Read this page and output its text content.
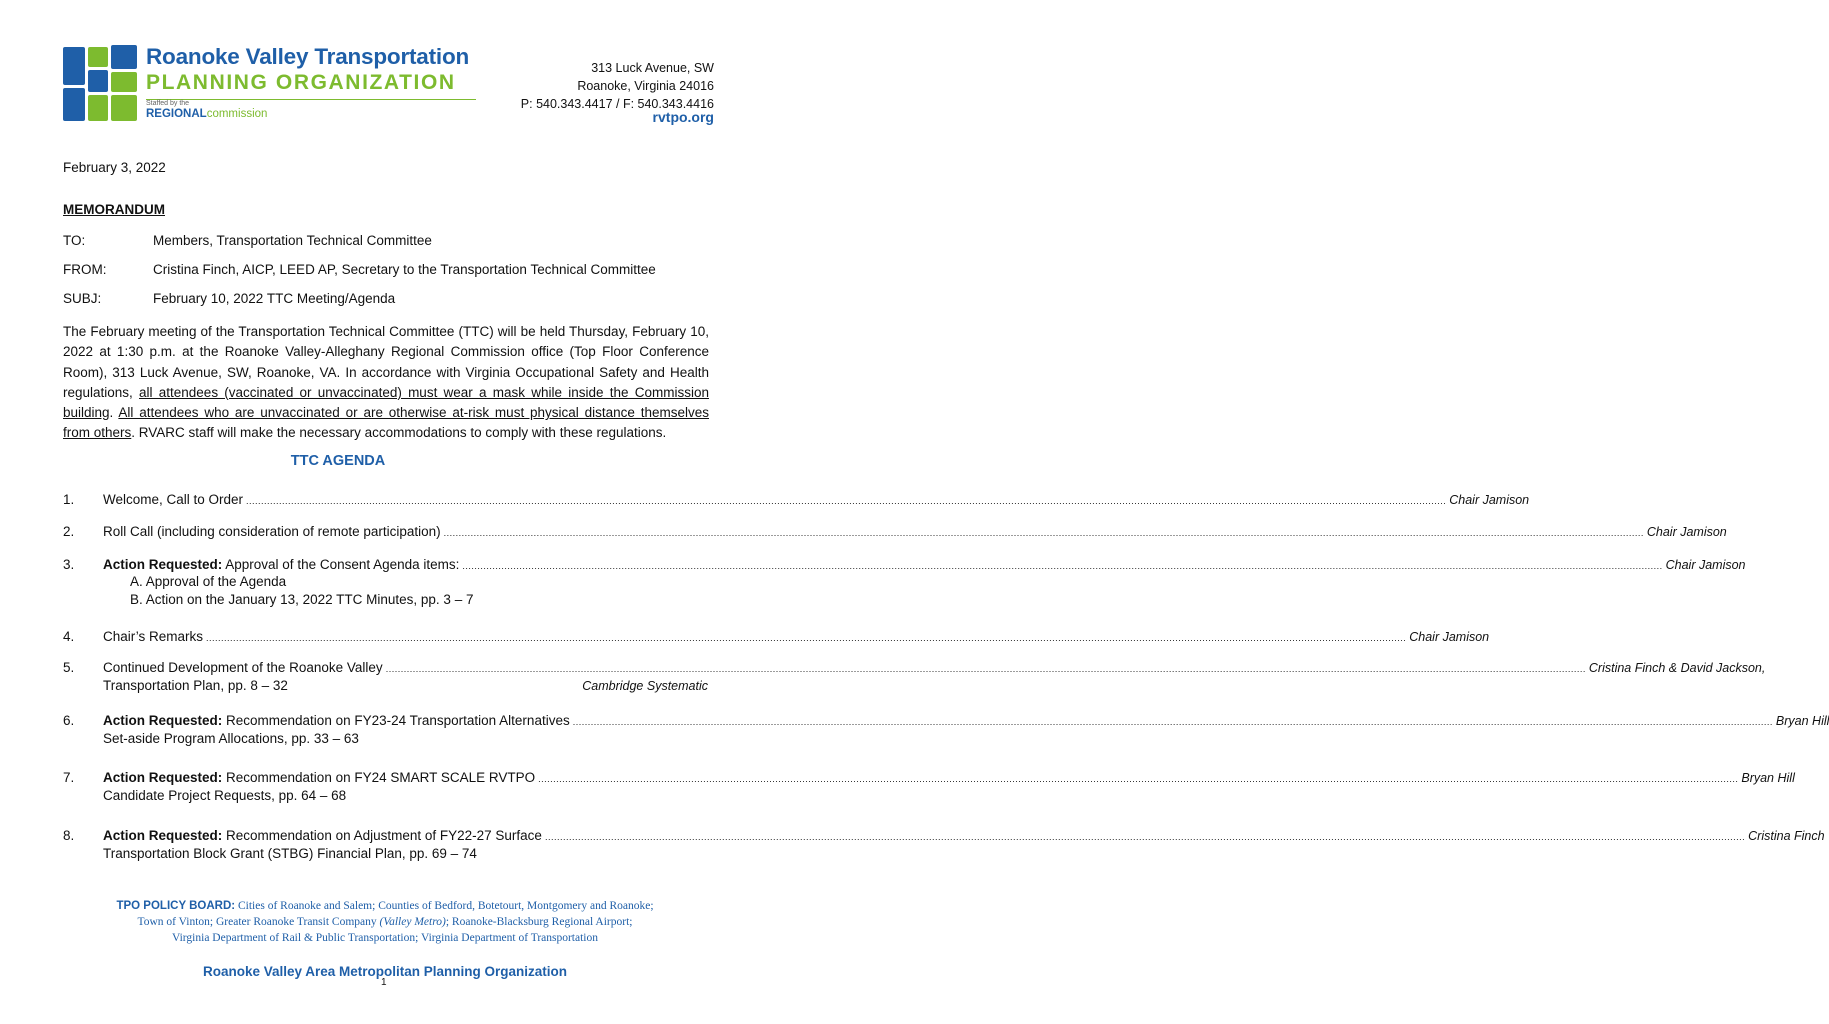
Roanoke Valley Transportation
PLANNING ORGANIZATION
Staffed by the
REGIONALcommission
313 Luck Avenue, SW
Roanoke, Virginia 24016
P: 540.343.4417 / F: 540.343.4416
rvtpo.org
February 3, 2022
MEMORANDUM
TO:	Members, Transportation Technical Committee
FROM:	Cristina Finch, AICP, LEED AP, Secretary to the Transportation Technical Committee
SUBJ:	February 10, 2022 TTC Meeting/Agenda
The February meeting of the Transportation Technical Committee (TTC) will be held Thursday, February 10, 2022 at 1:30 p.m. at the Roanoke Valley-Alleghany Regional Commission office (Top Floor Conference Room), 313 Luck Avenue, SW, Roanoke, VA. In accordance with Virginia Occupational Safety and Health regulations, all attendees (vaccinated or unvaccinated) must wear a mask while inside the Commission building. All attendees who are unvaccinated or are otherwise at-risk must physical distance themselves from others. RVARC staff will make the necessary accommodations to comply with these regulations.
TTC AGENDA
1. Welcome, Call to Order ................................................................................................................................................................................................................................................................................................................................................................................................................ Chair Jamison
2. Roll Call (including consideration of remote participation) ................................................................................................................................................................................................................................................................................................................................................................................................................ Chair Jamison
3. Action Requested: Approval of the Consent Agenda items: ................................................................................................................................................................................................................................................................................................................................................................................................................ Chair Jamison
A. Approval of the Agenda
B. Action on the January 13, 2022 TTC Minutes, pp. 3 – 7
4. Chair’s Remarks ................................................................................................................................................................................................................................................................................................................................................................................................................ Chair Jamison
5. Continued Development of the Roanoke Valley ................................................................................................................................................................................................................................................................................................................................................................................................................ Cristina Finch & David Jackson,
Transportation Plan, pp. 8 – 32	Cambridge Systematic
6. Action Requested: Recommendation on FY23-24 Transportation Alternatives ................................................................................................................................................................................................................................................................................................................................................................................................................ Bryan Hill
Set-aside Program Allocations, pp. 33 – 63
7. Action Requested: Recommendation on FY24 SMART SCALE RVTPO ................................................................................................................................................................................................................................................................................................................................................................................................................ Bryan Hill
Candidate Project Requests, pp. 64 – 68
8. Action Requested: Recommendation on Adjustment of FY22-27 Surface ................................................................................................................................................................................................................................................................................................................................................................................................................ Cristina Finch
Transportation Block Grant (STBG) Financial Plan, pp. 69 – 74
TPO POLICY BOARD: Cities of Roanoke and Salem; Counties of Bedford, Botetourt, Montgomery and Roanoke;
Town of Vinton; Greater Roanoke Transit Company (Valley Metro); Roanoke-Blacksburg Regional Airport;
Virginia Department of Rail & Public Transportation; Virginia Department of Transportation
Roanoke Valley Area Metropolitan Planning Organization
1
